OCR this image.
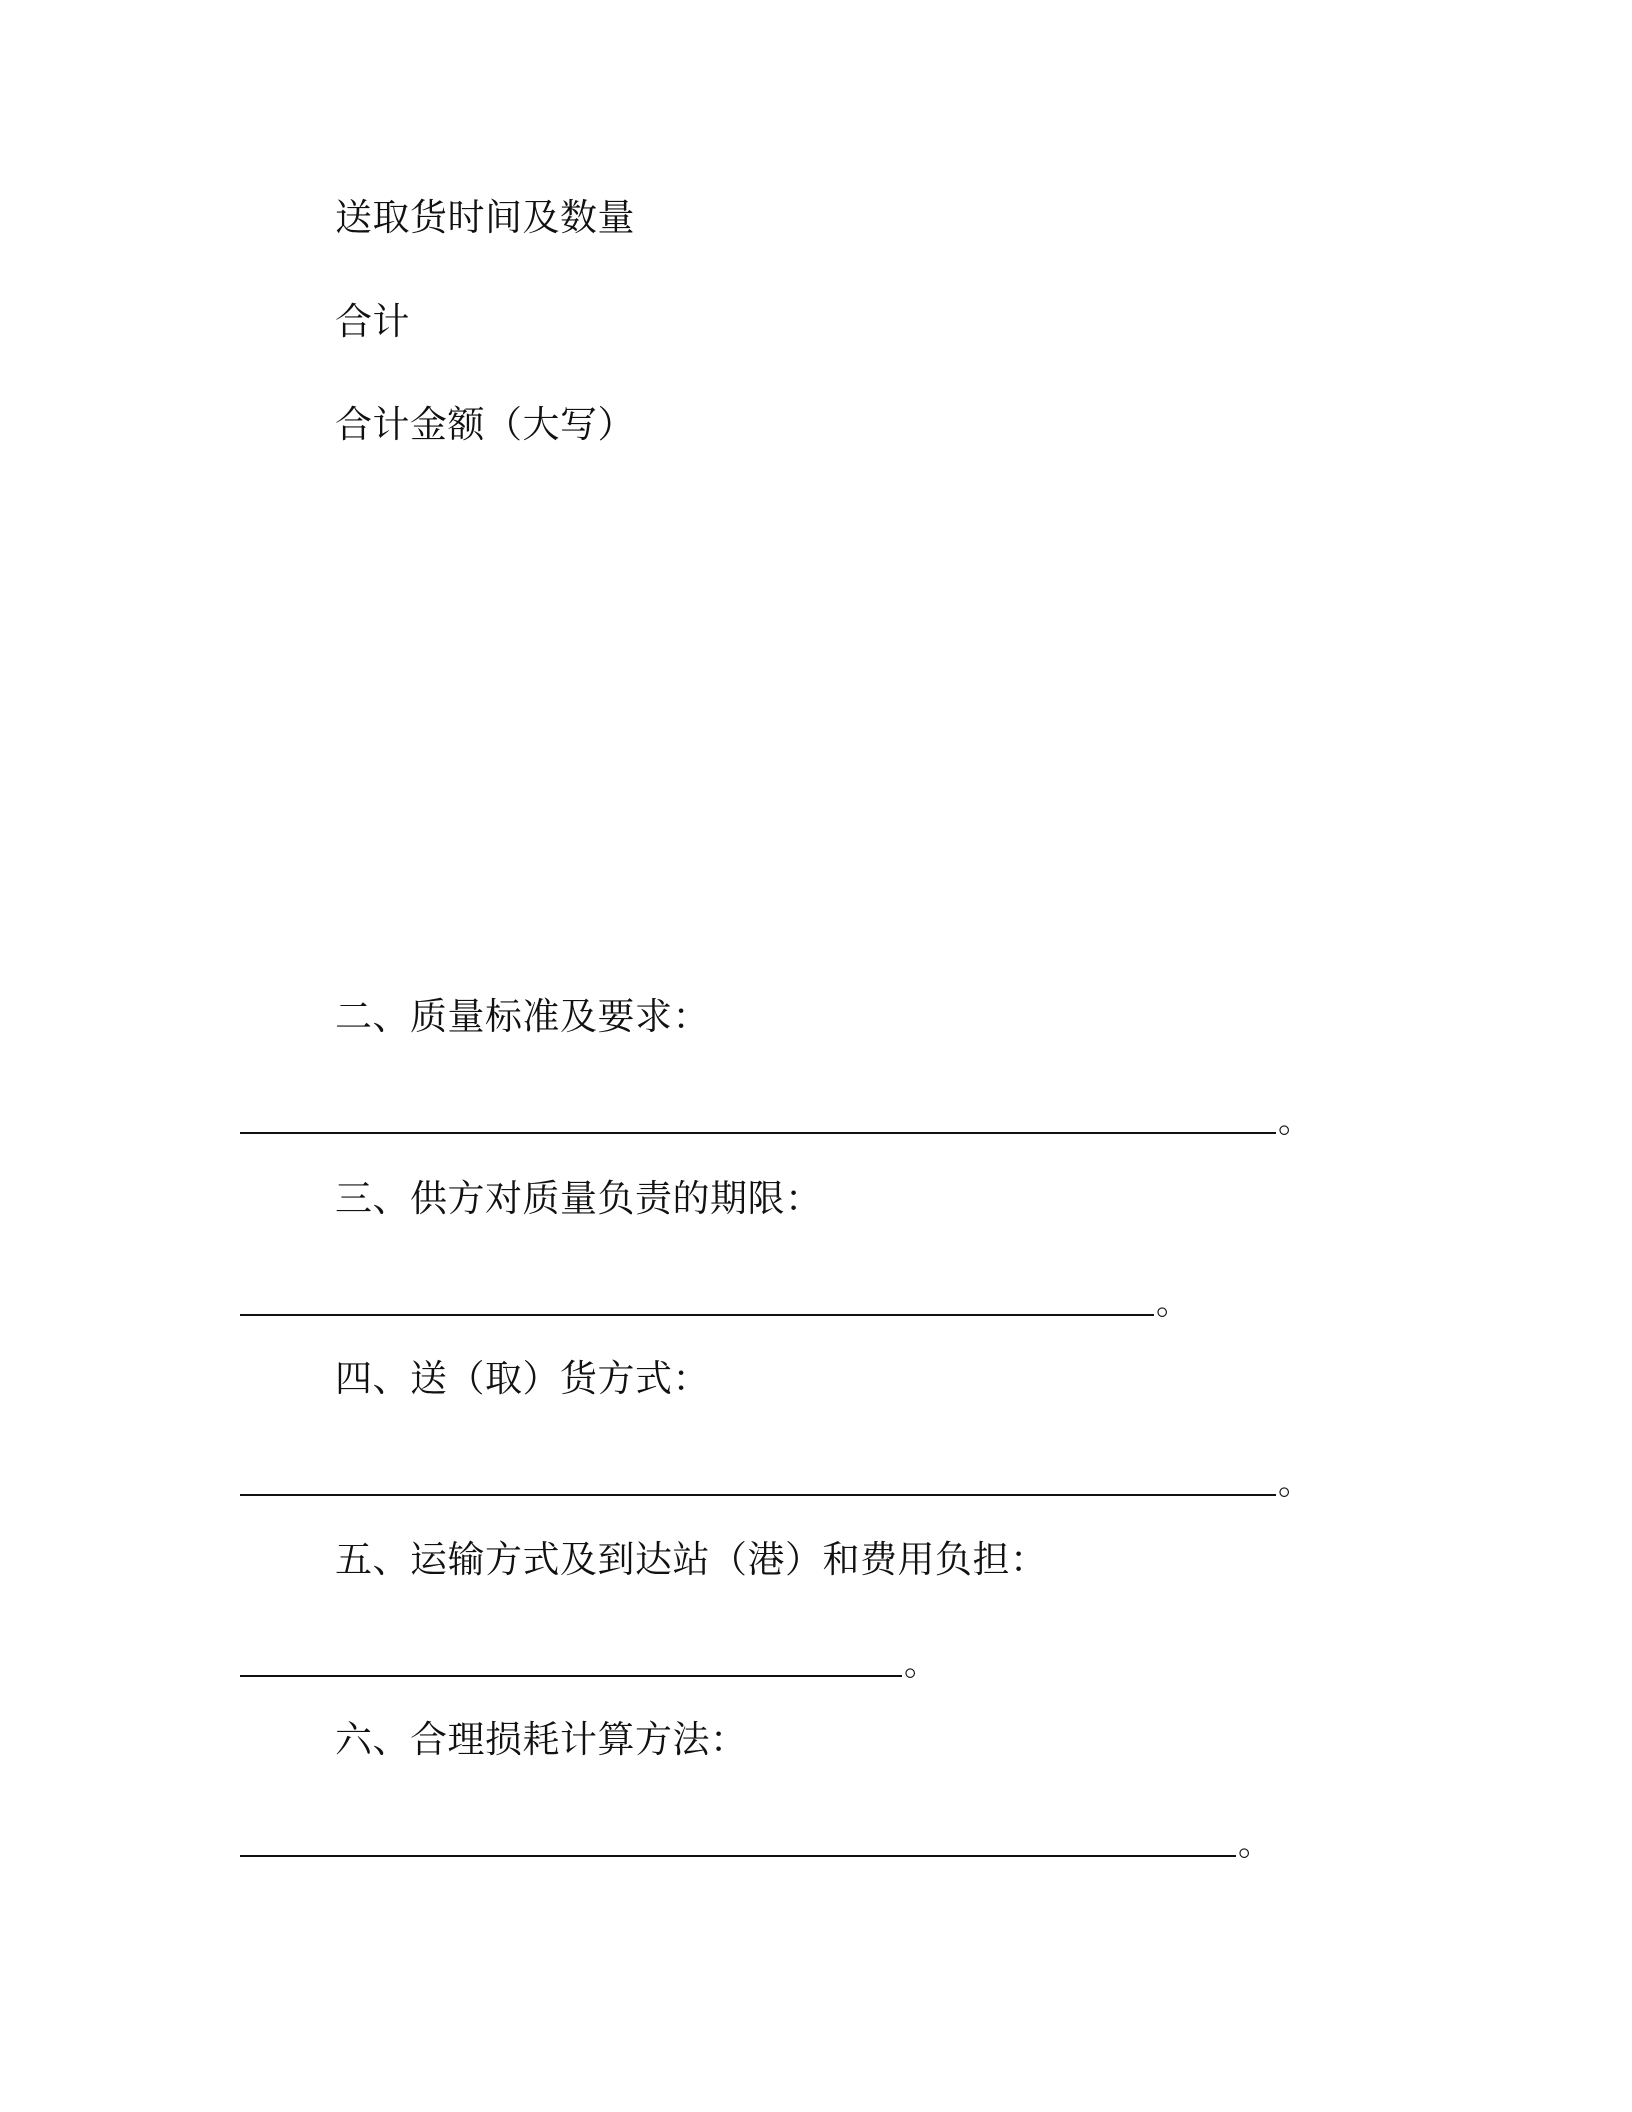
送取货时间及数量
合计
合计金额（大写）
二、质量标准及要求：
。
三、供方对质量负责的期限：
。
四、送（取）货方式：
。
五、运输方式及到达站（港）和费用负担：
。
六、合理损耗计算方法：
。
